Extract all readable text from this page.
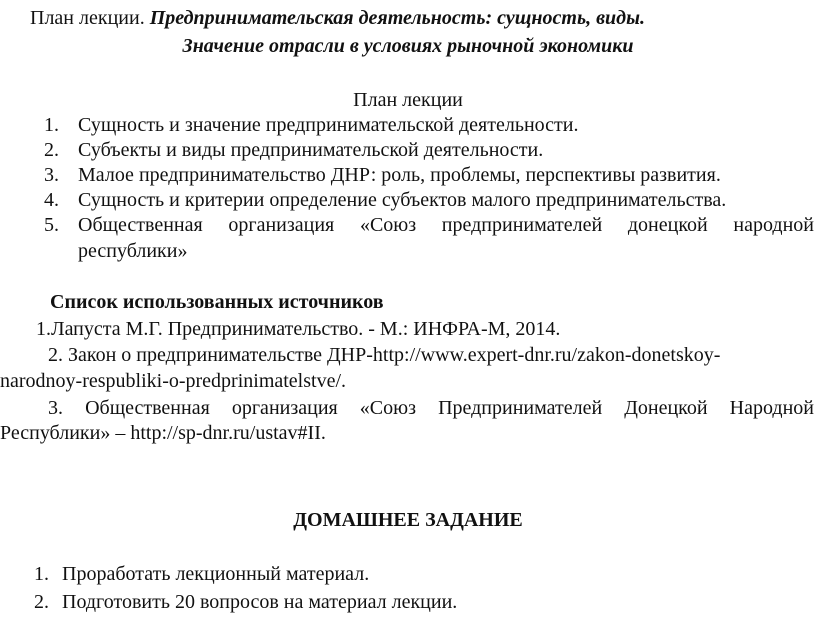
План лекции. Предпринимательская деятельность: сущность, виды.
Значение отрасли в условиях рыночной экономики
План лекции
1. Сущность и значение предпринимательской деятельности.
2. Субъекты и виды предпринимательской деятельности.
3. Малое предпринимательство ДНР: роль, проблемы, перспективы развития.
4. Сущность и критерии определение субъектов малого предпринимательства.
5. Общественная организация «Союз предпринимателей донецкой народной
республики»
Список использованных источников
1.Лапуста М.Г. Предпринимательство. - М.: ИНФРА-М, 2014.
2. Закон о предпринимательстве ДНР-http://www.expert-dnr.ru/zakon-donetskoy-
narodnoy-respubliki-o-predprinimatelstve/.
3. Общественная организация «Союз Предпринимателей Донецкой Народной
Республики» – http://sp-dnr.ru/ustav#II.
ДОМАШНЕЕ ЗАДАНИЕ
1. Проработать лекционный материал.
2. Подготовить 20 вопросов на материал лекции.
